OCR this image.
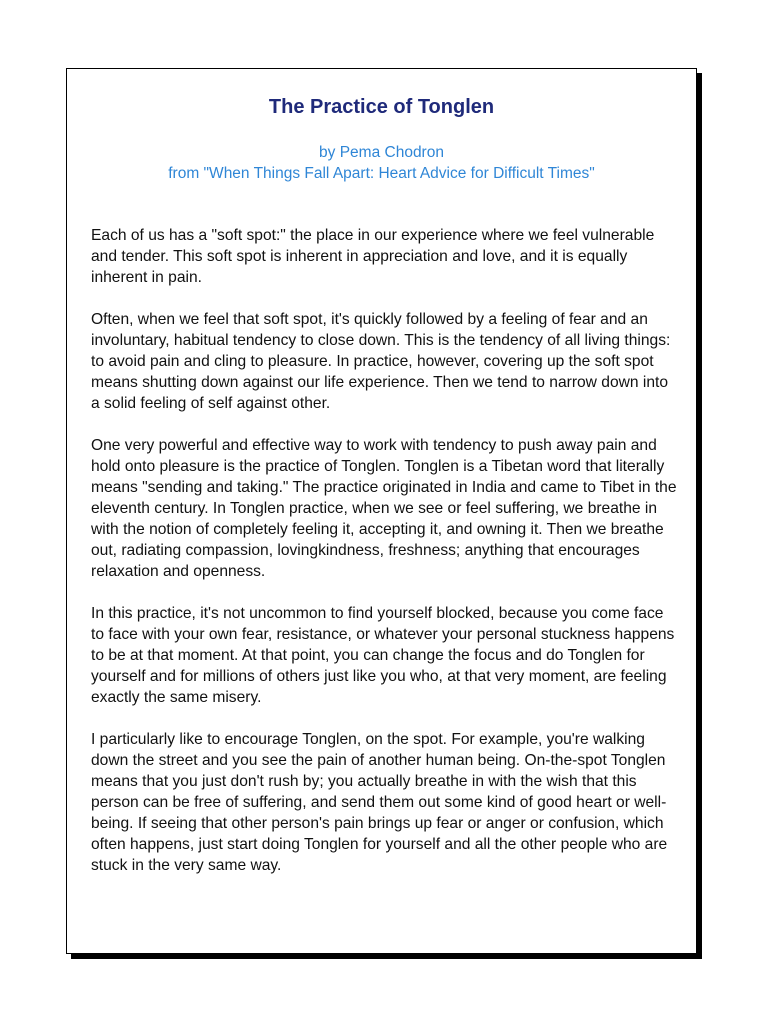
The Practice of Tonglen
by Pema Chodron
from "When Things Fall Apart: Heart Advice for Difficult Times"

Each of us has a "soft spot:" the place in our experience where we feel vulnerable and tender. This soft spot is inherent in appreciation and love, and it is equally inherent in pain.

Often, when we feel that soft spot, it's quickly followed by a feeling of fear and an involuntary, habitual tendency to close down. This is the tendency of all living things: to avoid pain and cling to pleasure. In practice, however, covering up the soft spot means shutting down against our life experience. Then we tend to narrow down into a solid feeling of self against other.

One very powerful and effective way to work with tendency to push away pain and hold onto pleasure is the practice of Tonglen. Tonglen is a Tibetan word that literally means "sending and taking." The practice originated in India and came to Tibet in the eleventh century. In Tonglen practice, when we see or feel suffering, we breathe in with the notion of completely feeling it, accepting it, and owning it. Then we breathe out, radiating compassion, lovingkindness, freshness; anything that encourages relaxation and openness.

In this practice, it's not uncommon to find yourself blocked, because you come face to face with your own fear, resistance, or whatever your personal stuckness happens to be at that moment. At that point, you can change the focus and do Tonglen for yourself and for millions of others just like you who, at that very moment, are feeling exactly the same misery.

I particularly like to encourage Tonglen, on the spot. For example, you're walking down the street and you see the pain of another human being. On-the-spot Tonglen means that you just don't rush by; you actually breathe in with the wish that this person can be free of suffering, and send them out some kind of good heart or well-being. If seeing that other person's pain brings up fear or anger or confusion, which often happens, just start doing Tonglen for yourself and all the other people who are stuck in the very same way.
